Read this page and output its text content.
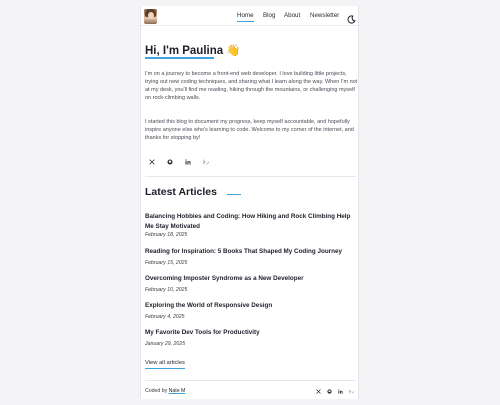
Home Blog About Newsletter
Hi, I'm Paulina 👋

I'm on a journey to become a front-end web developer. I love building little projects, trying out new coding techniques, and sharing what I learn along the way. When I'm not at my desk, you'll find me reading, hiking through the mountains, or challenging myself on rock-climbing walls.

I started this blog to document my progress, keep myself accountable, and hopefully inspire anyone else who's learning to code. Welcome to my corner of the internet, and thanks for stopping by!

Latest Articles
Balancing Hobbies and Coding: How Hiking and Rock Climbing Help Me Stay Motivated
February 18, 2025
Reading for Inspiration: 5 Books That Shaped My Coding Journey
February 15, 2025
Overcoming Imposter Syndrome as a New Developer
February 10, 2025
Exploring the World of Responsive Design
February 4, 2025
My Favorite Dev Tools for Productivity
January 29, 2025
View all articles
Coded by Nate M
